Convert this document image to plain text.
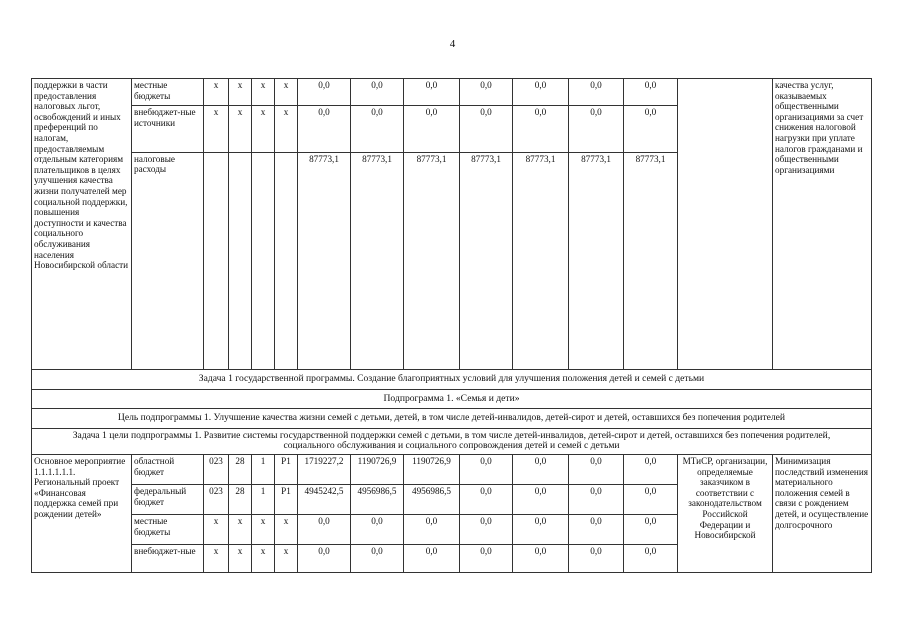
4
поддержки в части предоставления налоговых льгот, освобождений и иных преференций по налогам, предоставляемым отдельным категориям плательщиков в целях улучшения качества жизни получателей мер социальной поддержки, повышения доступности и качества социального обслуживания населения Новосибирской области	местные бюджеты	x	x	x	x	0,0	0,0	0,0	0,0	0,0	0,0	0,0		качества услуг, оказываемых общественными организациями за счет снижения налоговой нагрузки при уплате налогов гражданами и общественными организациями
	внебюджет-ные источники	x	x	x	x	0,0	0,0	0,0	0,0	0,0	0,0	0,0		
	налоговые расходы					87773,1	87773,1	87773,1	87773,1	87773,1	87773,1	87773,1		
Задача 1 государственной программы. Создание благоприятных условий для улучшения положения детей и семей с детьми														
Подпрограмма 1. «Семья и дети»														
Цель подпрограммы 1. Улучшение качества жизни семей с детьми, детей, в том числе детей-инвалидов, детей-сирот и детей, оставшихся без попечения родителей														
Задача 1 цели подпрограммы 1. Развитие системы государственной поддержки семей с детьми, в том числе детей-инвалидов, детей-сирот и детей, оставшихся без попечения родителей, социального обслуживания и социального сопровождения детей и семей с детьми														
Основное мероприятие 1.1.1.1.1.1. Региональный проект «Финансовая поддержка семей при рождении детей»	областной бюджет	023	28	1	P1	1719227,2	1190726,9	1190726,9	0,0	0,0	0,0	0,0	МТиСР, организации, определяемые заказчиком в соответствии с законодательством Российской Федерации и Новосибирской	Минимизация последствий изменения материального положения семей в связи с рождением детей, и осуществление долгосрочного
	федеральный бюджет	023	28	1	P1	4945242,5	4956986,5	4956986,5	0,0	0,0	0,0	0,0		
	местные бюджеты	x	x	x	x	0,0	0,0	0,0	0,0	0,0	0,0	0,0		
	внебюджет-ные	x	x	x	x	0,0	0,0	0,0	0,0	0,0	0,0	0,0		
